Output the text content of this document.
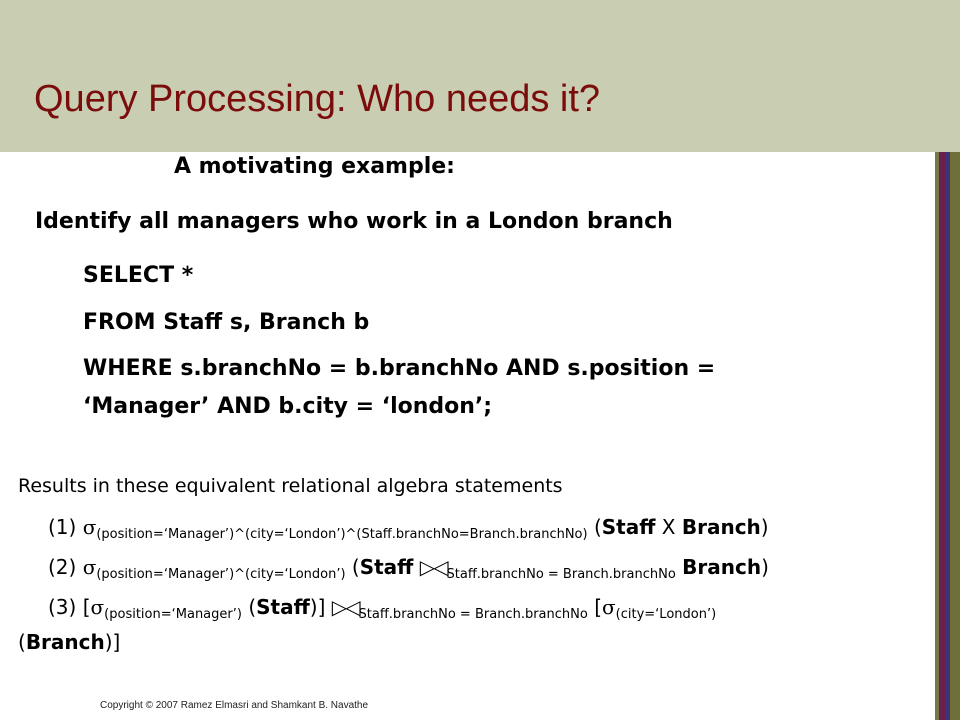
Query Processing: Who needs it?
A motivating example:
Identify all managers who work in a London branch
SELECT *
FROM Staff s, Branch b
WHERE s.branchNo = b.branchNo AND s.position =
‘Manager’ AND b.city = ‘london’;
Results in these equivalent relational algebra statements
(1) $\sigma_{(position=‘Manager’)\^{}(city=‘London’)\^{}(Staff.branchNo=Branch.branchNo)}$ (Staff X Branch)
(2) $\sigma_{(position=‘Manager’)\^{}(city=‘London’)}$ (Staff $▷◁_{Staff.branchNo = Branch.branchNo}$ Branch)
(3) [$\sigma_{(position=‘Manager’)}$ (Staff)] $▷◁_{Staff.branchNo = Branch.branchNo}$ [$\sigma_{(city=‘London’)}$
(Branch)]
Copyright © 2007 Ramez Elmasri and Shamkant B. Navathe
